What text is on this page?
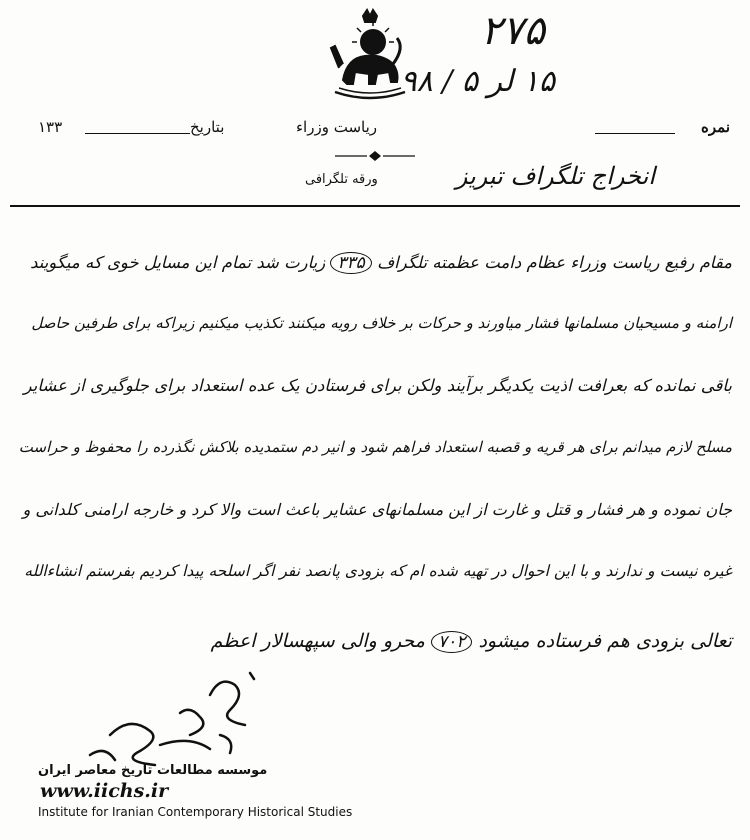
۲۷۵
۱۵ لر ۵ / ۹۸
نمره
ریاست وزراء
بتاریخ
۱۳۳
ورقه تلگرافی	انخراج تلگراف تبریز
مقام رفیع ریاست وزراء عظام دامت عظمته تلگراف ۳۳۵ زیارت شد تمام این مسایل خوی که میگویند
ارامنه و مسیحیان مسلمانها فشار میاورند و حرکات بر خلاف رویه میکنند تکذیب میکنیم زیراکه برای طرفین حاصل
باقی نمانده که بعرافت اذیت یکدیگر برآیند ولکن برای فرستادن یک عده استعداد برای جلوگیری از عشایر
مسلح لازم میدانم برای هر قریه و قصبه استعداد فراهم شود و انیر دم ستمدیده بلاکش نگذرده را محفوظ و حراست
جان نموده و هر فشار و قتل و غارت از این مسلمانهای عشایر باعث است والا کرد و خارجه ارامنی کلدانی و
غیره نیست و ندارند و با این احوال در تهیه شده ام که بزودی پانصد نفر اگر اسلحه پیدا کردیم بفرستم انشاءالله
تعالی بزودی هم فرستاده میشود ۷۰۲ محرو والی سپهسالار اعظم
موسسه مطالعات تاریخ معاصر ایران
www.iichs.ir
Institute for Iranian Contemporary Historical Studies
